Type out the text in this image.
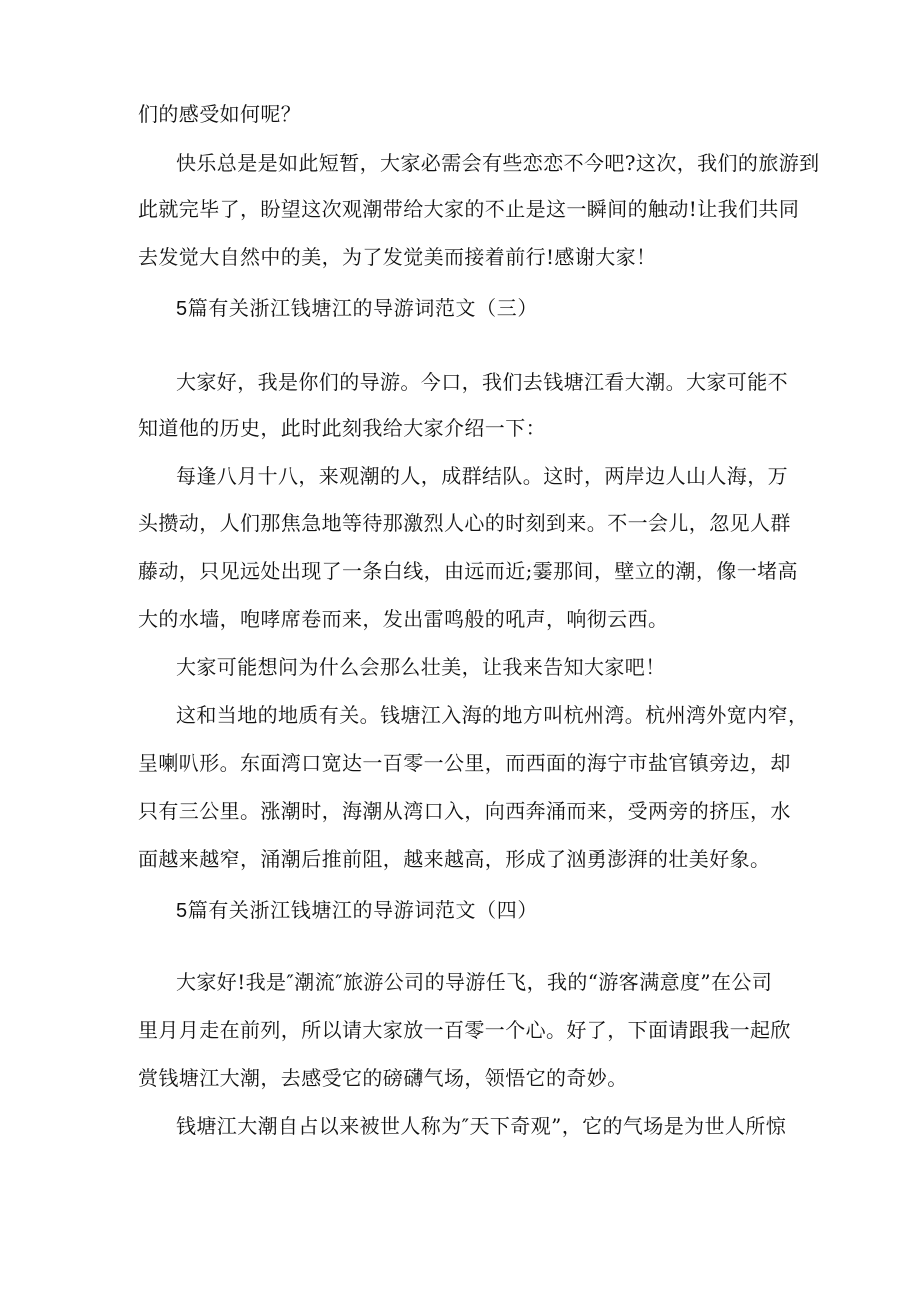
们的感受如何呢？
快乐总是是如此短暂，大家必需会有些恋恋不今吧?这次，我们的旅游到
此就完毕了，盼望这次观潮带给大家的不止是这一瞬间的触动!让我们共同
去发觉大自然中的美，为了发觉美而接着前行!感谢大家！
5篇有关浙江钱塘江的导游词范文（三）
大家好，我是你们的导游。今口，我们去钱塘江看大潮。大家可能不
知道他的历史，此时此刻我给大家介绍一下：
每逢八月十八，来观潮的人，成群结队。这时，两岸边人山人海，万
头攒动，人们那焦急地等待那激烈人心的时刻到来。不一会儿，忽见人群
藤动，只见远处出现了一条白线，由远而近;霎那间，壁立的潮，像一堵高
大的水墙，咆哮席卷而来，发出雷鸣般的吼声，响彻云西。
大家可能想问为什么会那么壮美，让我来告知大家吧！
这和当地的地质有关。钱塘江入海的地方叫杭州湾。杭州湾外宽内窄，
呈喇叭形。东面湾口宽达一百零一公里，而西面的海宁市盐官镇旁边，却
只有三公里。涨潮时，海潮从湾口入，向西奔涌而来，受两旁的挤压，水
面越来越窄，涌潮后推前阻，越来越高，形成了汹勇澎湃的壮美好象。
5篇有关浙江钱塘江的导游词范文（四）
大家好!我是″潮流″旅游公司的导游任飞，我的“游客满意度”在公司
里月月走在前列，所以请大家放一百零一个心。好了，下面请跟我一起欣
赏钱塘江大潮，去感受它的磅礴气场，领悟它的奇妙。
钱塘江大潮自占以来被世人称为″天下奇观”，它的气场是为世人所惊
